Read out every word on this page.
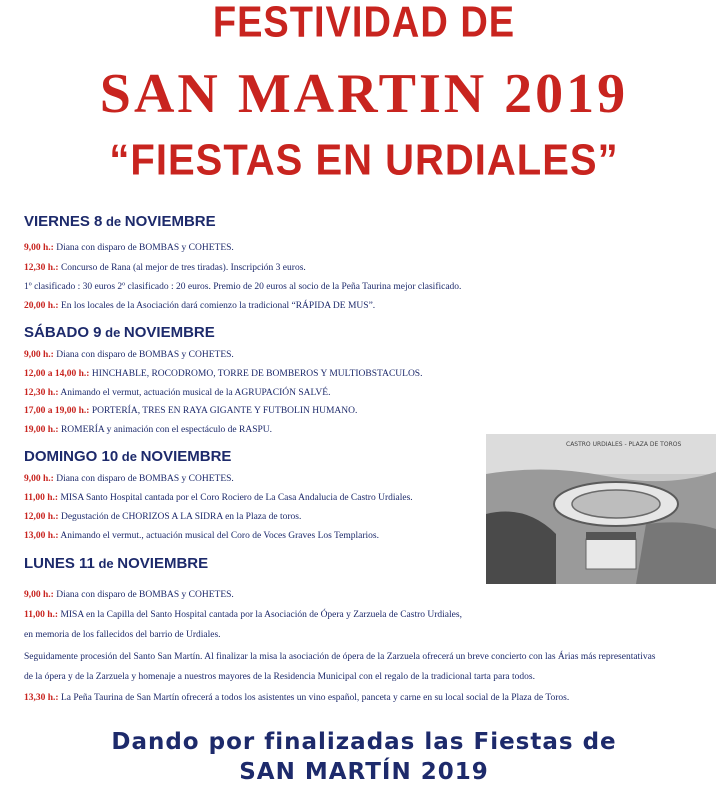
FESTIVIDAD DE
SAN MARTIN 2019
“FIESTAS EN URDIALES”
VIERNES 8 de NOVIEMBRE
9,00 h.: Diana con disparo de BOMBAS y COHETES.
12,30 h.: Concurso de Rana (al mejor de tres tiradas). Inscripción 3 euros.
1º clasificado : 30 euros 2º clasificado : 20 euros. Premio de 20 euros al socio de la Peña Taurina mejor clasificado.
20,00 h.: En los locales de la Asociación dará comienzo la tradicional “RÁPIDA DE MUS”.
SÁBADO 9 de NOVIEMBRE
9,00 h.: Diana con disparo de BOMBAS y COHETES.
12,00 a 14,00 h.: HINCHABLE, ROCODROMO, TORRE DE BOMBEROS Y MULTIOBSTACULOS.
12,30 h.: Animando el vermut, actuación musical de la AGRUPACIÓN SALVÉ.
17,00 a 19,00 h.: PORTERÍA, TRES EN RAYA GIGANTE Y FUTBOLIN HUMANO.
19,00 h.: ROMERÍA y animación con el espectáculo de RASPU.
DOMINGO 10 de NOVIEMBRE
9,00 h.: Diana con disparo de BOMBAS y COHETES.
11,00 h.: MISA Santo Hospital cantada por el Coro Rociero de La Casa Andalucia de Castro Urdiales.
12,00 h.: Degustación de CHORIZOS A LA SIDRA en la Plaza de toros.
13,00 h.: Animando el vermut., actuación musical del Coro de Voces Graves Los Templarios.
LUNES 11 de NOVIEMBRE
9,00 h.: Diana con disparo de BOMBAS y COHETES.
11,00 h.: MISA en la Capilla del Santo Hospital cantada por la Asociación de Ópera y Zarzuela de Castro Urdiales,
en memoria de los fallecidos del barrio de Urdiales.
Seguidamente procesión del Santo San Martín. Al finalizar la misa la asociación de ópera de la Zarzuela ofrecerá un breve concierto con las Árias más representativas
de la ópera y de la Zarzuela y homenaje a nuestros mayores de la Residencia Municipal con el regalo de la tradicional tarta para todos.
13,30 h.: La Peña Taurina de San Martín ofrecerá a todos los asistentes un vino español, panceta y carne en su local social de la Plaza de Toros.
CASTRO URDIALES - PLAZA DE TOROS
Dando por finalizadas las Fiestas de
SAN MARTÍN 2019
